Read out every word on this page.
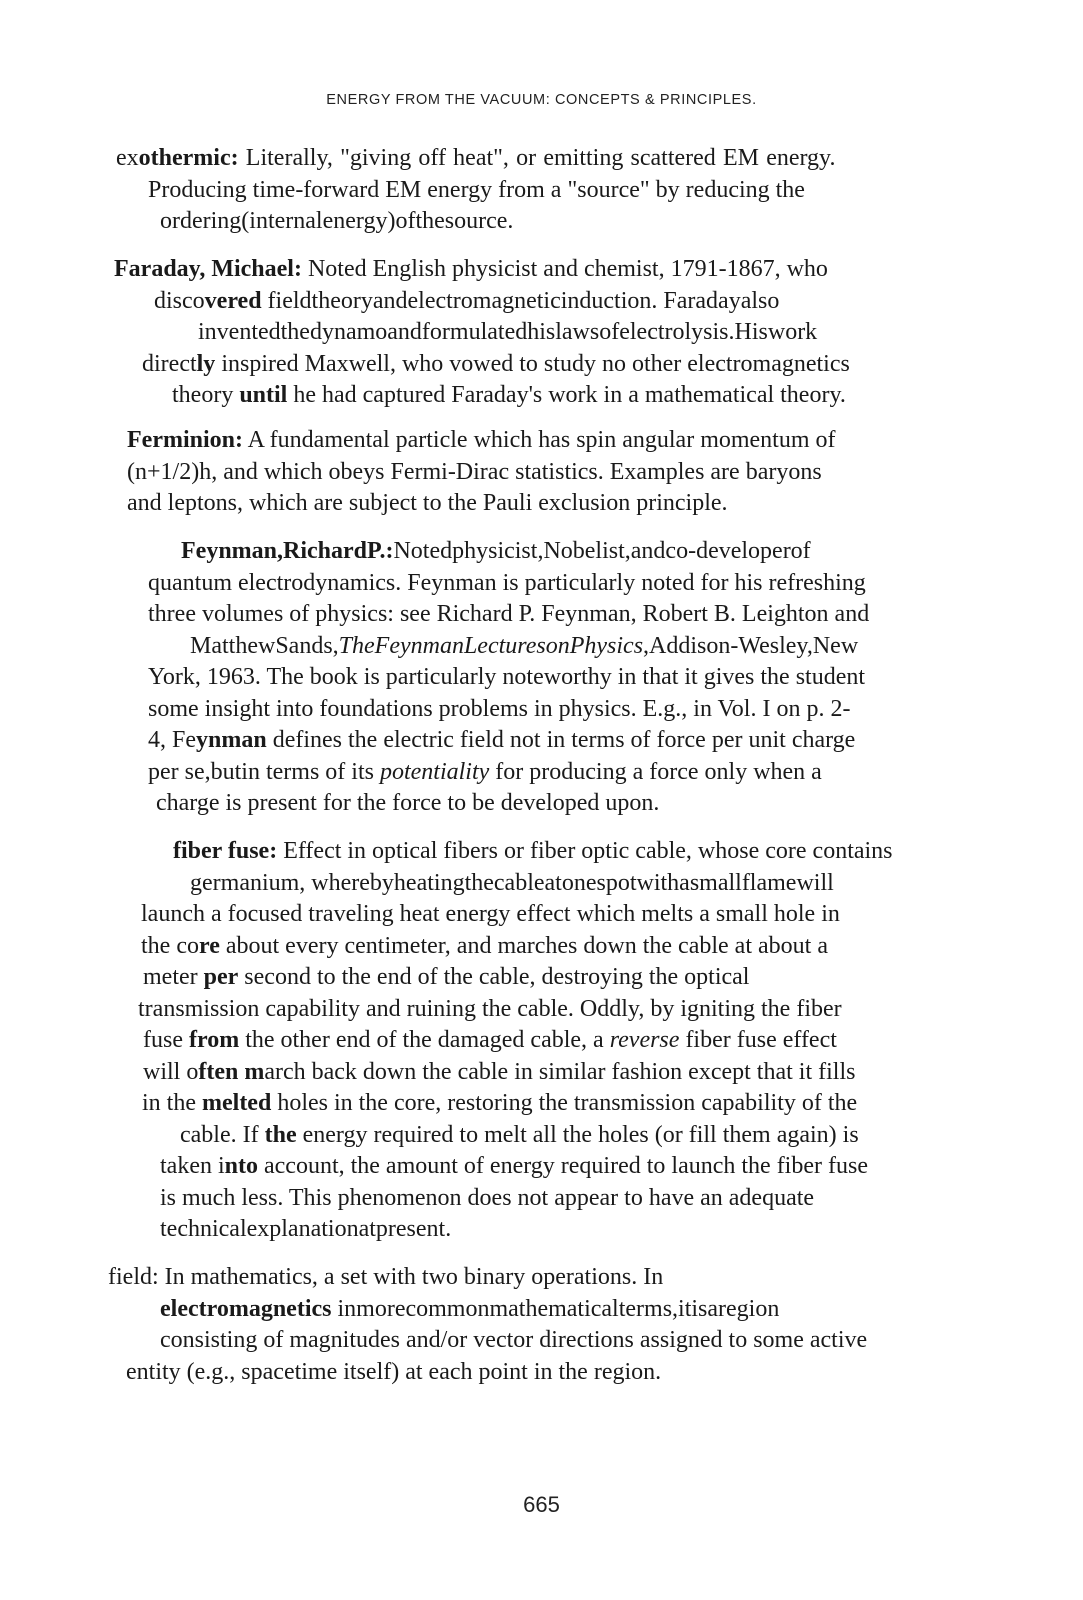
ENERGY FROM THE VACUUM: CONCEPTS & PRINCIPLES.
exothermic: Literally, "giving off heat", or emitting scattered EM energy.
Producing time-forward EM energy from a "source" by reducing the
ordering(internalenergy)ofthesource.
Faraday, Michael: Noted English physicist and chemist, 1791-1867, who
discovered fieldtheoryandelectromagneticinduction. Faradayalso
inventedthedynamoandformulatedhislawsofelectrolysis.Hiswork
directly inspired Maxwell, who vowed to study no other electromagnetics
theory until he had captured Faraday's work in a mathematical theory.
Ferminion: A fundamental particle which has spin angular momentum of
(n+1/2)h, and which obeys Fermi-Dirac statistics. Examples are baryons
and leptons, which are subject to the Pauli exclusion principle.
Feynman,RichardP.:Notedphysicist,Nobelist,andco-developerof
quantum electrodynamics. Feynman is particularly noted for his refreshing
three volumes of physics: see Richard P. Feynman, Robert B. Leighton and
MatthewSands,TheFeynmanLecturesonPhysics,Addison-Wesley,New
York, 1963. The book is particularly noteworthy in that it gives the student
some insight into foundations problems in physics. E.g., in Vol. I on p. 2-
4, Feynman defines the electric field not in terms of force per unit charge
per se,butin terms of its potentiality for producing a force only when a
charge is present for the force to be developed upon.
fiber fuse: Effect in optical fibers or fiber optic cable, whose core contains
germanium, wherebyheatingthecableatonespotwithasmallflamewill
launch a focused traveling heat energy effect which melts a small hole in
the core about every centimeter, and marches down the cable at about a
meter per second to the end of the cable, destroying the optical
transmission capability and ruining the cable. Oddly, by igniting the fiber
fuse from the other end of the damaged cable, a reverse fiber fuse effect
will often march back down the cable in similar fashion except that it fills
in the melted holes in the core, restoring the transmission capability of the
cable. If the energy required to melt all the holes (or fill them again) is
taken into account, the amount of energy required to launch the fiber fuse
is much less. This phenomenon does not appear to have an adequate
technicalexplanationatpresent.
field: In mathematics, a set with two binary operations. In
electromagnetics inmorecommonmathematicalterms,itisaregion
consisting of magnitudes and/or vector directions assigned to some active
entity (e.g., spacetime itself) at each point in the region.
665
